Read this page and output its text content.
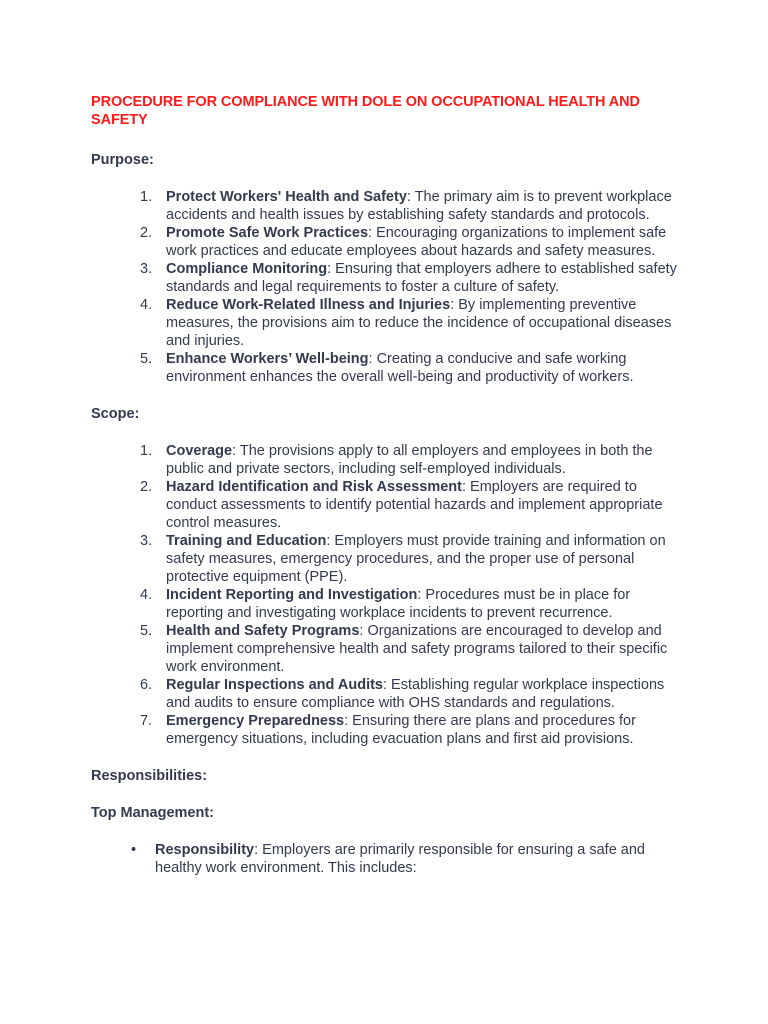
PROCEDURE FOR COMPLIANCE WITH DOLE ON OCCUPATIONAL HEALTH AND SAFETY
Purpose:
1. Protect Workers' Health and Safety: The primary aim is to prevent workplace accidents and health issues by establishing safety standards and protocols.
2. Promote Safe Work Practices: Encouraging organizations to implement safe work practices and educate employees about hazards and safety measures.
3. Compliance Monitoring: Ensuring that employers adhere to established safety standards and legal requirements to foster a culture of safety.
4. Reduce Work-Related Illness and Injuries: By implementing preventive measures, the provisions aim to reduce the incidence of occupational diseases and injuries.
5. Enhance Workers’ Well-being: Creating a conducive and safe working environment enhances the overall well-being and productivity of workers.
Scope:
1. Coverage: The provisions apply to all employers and employees in both the public and private sectors, including self-employed individuals.
2. Hazard Identification and Risk Assessment: Employers are required to conduct assessments to identify potential hazards and implement appropriate control measures.
3. Training and Education: Employers must provide training and information on safety measures, emergency procedures, and the proper use of personal protective equipment (PPE).
4. Incident Reporting and Investigation: Procedures must be in place for reporting and investigating workplace incidents to prevent recurrence.
5. Health and Safety Programs: Organizations are encouraged to develop and implement comprehensive health and safety programs tailored to their specific work environment.
6. Regular Inspections and Audits: Establishing regular workplace inspections and audits to ensure compliance with OHS standards and regulations.
7. Emergency Preparedness: Ensuring there are plans and procedures for emergency situations, including evacuation plans and first aid provisions.
Responsibilities:
Top Management:
• Responsibility: Employers are primarily responsible for ensuring a safe and healthy work environment. This includes:
